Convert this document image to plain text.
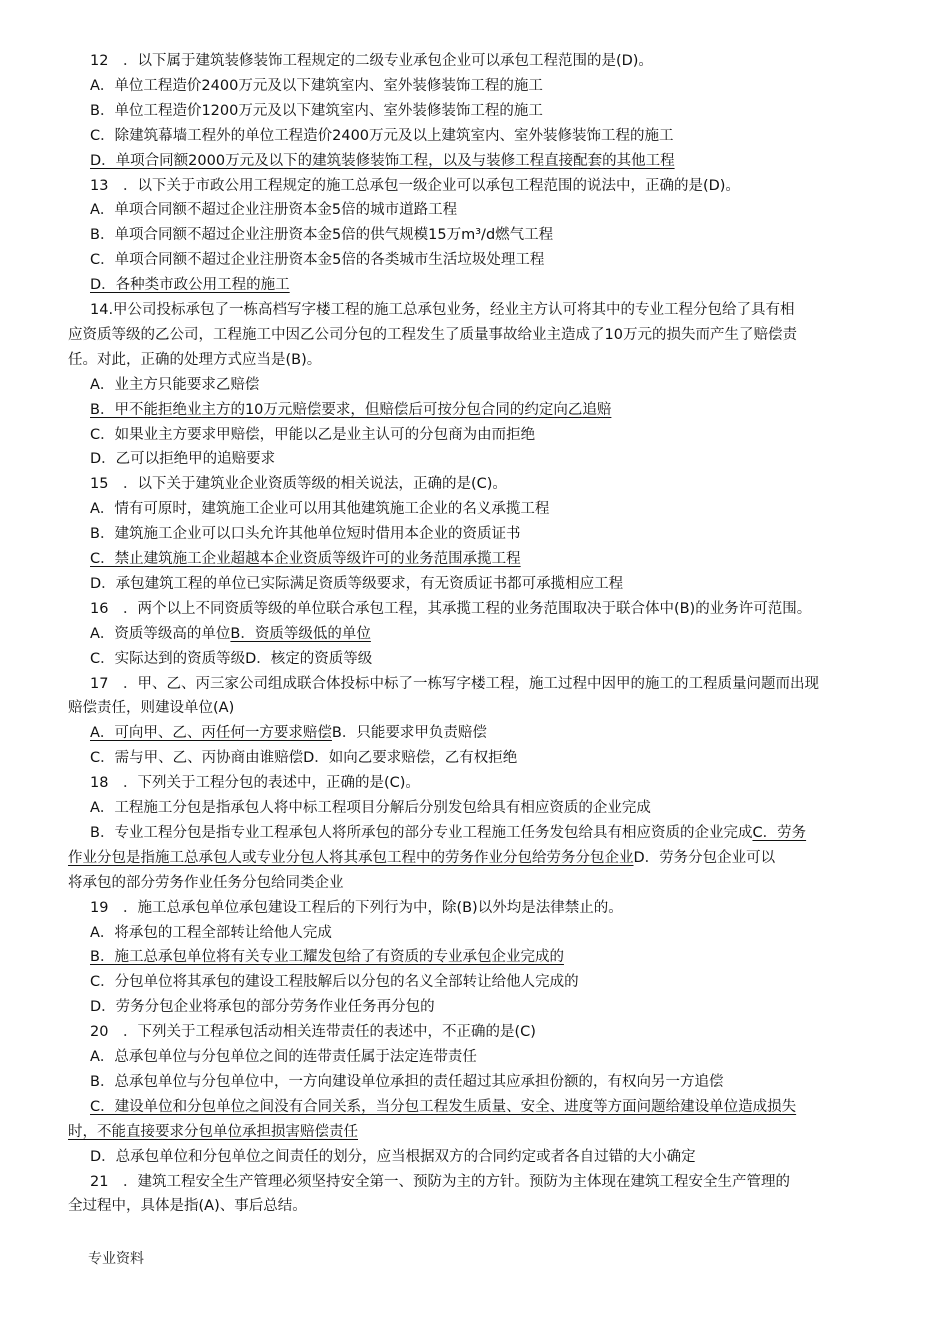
12　．以下属于建筑装修装饰工程规定的二级专业承包企业可以承包工程范围的是(D)。
A．单位工程造价2400万元及以下建筑室内、室外装修装饰工程的施工
B．单位工程造价1200万元及以下建筑室内、室外装修装饰工程的施工
C．除建筑幕墙工程外的单位工程造价2400万元及以上建筑室内、室外装修装饰工程的施工
D．单项合同额2000万元及以下的建筑装修装饰工程，以及与装修工程直接配套的其他工程
13　．以下关于市政公用工程规定的施工总承包一级企业可以承包工程范围的说法中，正确的是(D)。
A．单项合同额不超过企业注册资本金5倍的城市道路工程
B．单项合同额不超过企业注册资本金5倍的供气规模15万m³/d燃气工程
C．单项合同额不超过企业注册资本金5倍的各类城市生活垃圾处理工程
D．各种类市政公用工程的施工
14.甲公司投标承包了一栋高档写字楼工程的施工总承包业务，经业主方认可将其中的专业工程分包给了具有相
应资质等级的乙公司，工程施工中因乙公司分包的工程发生了质量事故给业主造成了10万元的损失而产生了赔偿责
任。对此，正确的处理方式应当是(B)。
A．业主方只能要求乙赔偿
B．甲不能拒绝业主方的10万元赔偿要求，但赔偿后可按分包合同的约定向乙追赔
C．如果业主方要求甲赔偿，甲能以乙是业主认可的分包商为由而拒绝
D．乙可以拒绝甲的追赔要求
15　．以下关于建筑业企业资质等级的相关说法，正确的是(C)。
A．情有可原时，建筑施工企业可以用其他建筑施工企业的名义承揽工程
B．建筑施工企业可以口头允许其他单位短时借用本企业的资质证书
C．禁止建筑施工企业超越本企业资质等级许可的业务范围承揽工程
D．承包建筑工程的单位已实际满足资质等级要求，有无资质证书都可承揽相应工程
16　．两个以上不同资质等级的单位联合承包工程，其承揽工程的业务范围取决于联合体中(B)的业务许可范围。
A．资质等级高的单位B．资质等级低的单位
C．实际达到的资质等级D．核定的资质等级
17　．甲、乙、丙三家公司组成联合体投标中标了一栋写字楼工程，施工过程中因甲的施工的工程质量问题而出现
赔偿责任，则建设单位(A)
A．可向甲、乙、丙任何一方要求赔偿B．只能要求甲负责赔偿
C．需与甲、乙、丙协商由谁赔偿D．如向乙要求赔偿，乙有权拒绝
18　．下列关于工程分包的表述中，正确的是(C)。
A．工程施工分包是指承包人将中标工程项目分解后分别发包给具有相应资质的企业完成
B．专业工程分包是指专业工程承包人将所承包的部分专业工程施工任务发包给具有相应资质的企业完成C．劳务
作业分包是指施工总承包人或专业分包人将其承包工程中的劳务作业分包给劳务分包企业D．劳务分包企业可以
将承包的部分劳务作业任务分包给同类企业
19　．施工总承包单位承包建设工程后的下列行为中，除(B)以外均是法律禁止的。
A．将承包的工程全部转让给他人完成
B．施工总承包单位将有关专业工耀发包给了有资质的专业承包企业完成的
C．分包单位将其承包的建设工程肢解后以分包的名义全部转让给他人完成的
D．劳务分包企业将承包的部分劳务作业任务再分包的
20　．下列关于工程承包活动相关连带责任的表述中，不正确的是(C)
A．总承包单位与分包单位之间的连带责任属于法定连带责任
B．总承包单位与分包单位中，一方向建设单位承担的责任超过其应承担份额的，有权向另一方追偿
C．建设单位和分包单位之间没有合同关系，当分包工程发生质量、安全、进度等方面问题给建设单位造成损失
时，不能直接要求分包单位承担损害赔偿责任
D．总承包单位和分包单位之间责任的划分，应当根据双方的合同约定或者各自过错的大小确定
21　．建筑工程安全生产管理必须坚持安全第一、预防为主的方针。预防为主体现在建筑工程安全生产管理的
全过程中，具体是指(A)、事后总结。
专业资料
